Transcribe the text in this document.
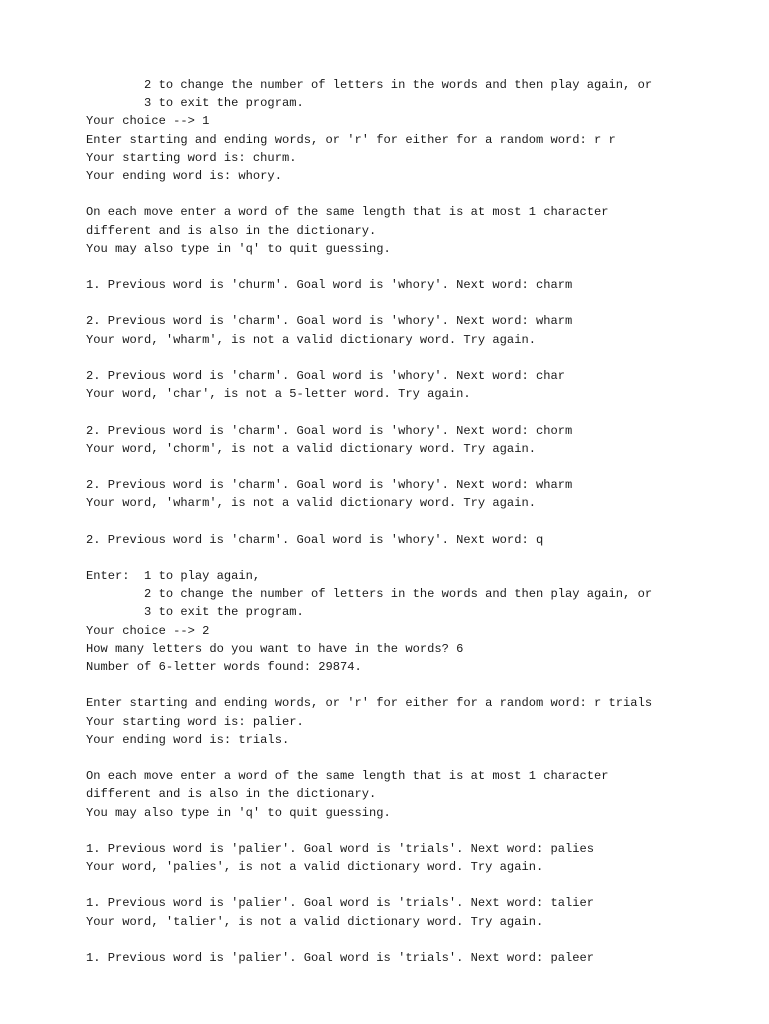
2 to change the number of letters in the words and then play again, or
3 to exit the program.
Your choice --> 1
Enter starting and ending words, or 'r' for either for a random word: r r
Your starting word is: churm.
Your ending word is: whory.
On each move enter a word of the same length that is at most 1 character
different and is also in the dictionary.
You may also type in 'q' to quit guessing.
1. Previous word is 'churm'. Goal word is 'whory'. Next word: charm
2. Previous word is 'charm'. Goal word is 'whory'. Next word: wharm
Your word, 'wharm', is not a valid dictionary word. Try again.
2. Previous word is 'charm'. Goal word is 'whory'. Next word: char
Your word, 'char', is not a 5-letter word. Try again.
2. Previous word is 'charm'. Goal word is 'whory'. Next word: chorm
Your word, 'chorm', is not a valid dictionary word. Try again.
2. Previous word is 'charm'. Goal word is 'whory'. Next word: wharm
Your word, 'wharm', is not a valid dictionary word. Try again.
2. Previous word is 'charm'. Goal word is 'whory'. Next word: q
Enter:  1 to play again,
2 to change the number of letters in the words and then play again, or
3 to exit the program.
Your choice --> 2
How many letters do you want to have in the words? 6
Number of 6-letter words found: 29874.
Enter starting and ending words, or 'r' for either for a random word: r trials
Your starting word is: palier.
Your ending word is: trials.
On each move enter a word of the same length that is at most 1 character
different and is also in the dictionary.
You may also type in 'q' to quit guessing.
1. Previous word is 'palier'. Goal word is 'trials'. Next word: palies
Your word, 'palies', is not a valid dictionary word. Try again.
1. Previous word is 'palier'. Goal word is 'trials'. Next word: talier
Your word, 'talier', is not a valid dictionary word. Try again.
1. Previous word is 'palier'. Goal word is 'trials'. Next word: paleer
